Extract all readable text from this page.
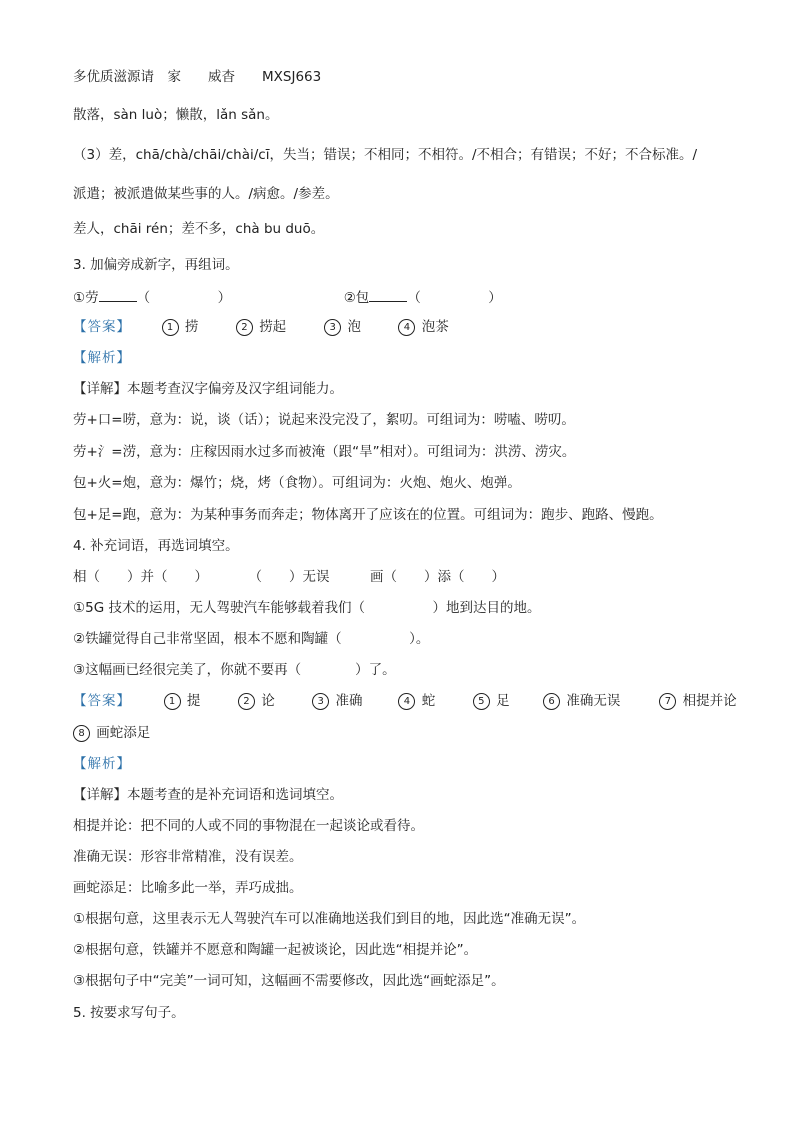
多优质滋源请　家　　威杳　　MXSJ663
散落，sàn luò；懒散，lǎn sǎn。
（3）差，chā/chà/chāi/chài/cī，失当；错误；不相同；不相符。/不相合；有错误；不好；不合标准。/
派遣；被派遣做某些事的人。/病愈。/参差。
差人，chāi rén；差不多，chà bu duō。
3. 加偏旁成新字，再组词。
①劳	（　　　　　）	②包	（　　　　　）
【答案】	1 捞	2 捞起	3 泡	4 泡茶
【解析】
【详解】本题考查汉字偏旁及汉字组词能力。
劳+口=唠，意为：说，谈（话）；说起来没完没了，絮叨。可组词为：唠嗑、唠叨。
劳+氵=涝，意为：庄稼因雨水过多而被淹（跟“旱”相对）。可组词为：洪涝、涝灾。
包+火=炮，意为：爆竹；烧，烤（食物）。可组词为：火炮、炮火、炮弹。
包+足=跑，意为：为某种事务而奔走；物体离开了应该在的位置。可组词为：跑步、跑路、慢跑。
4. 补充词语，再选词填空。
相（　　）并（　　）　　　　（　　）无误　　　画（　　）添（　　）
①5G 技术的运用，无人驾驶汽车能够载着我们（　　　　　）地到达目的地。
②铁罐觉得自己非常坚固，根本不愿和陶罐（　　　　　）。
③这幅画已经很完美了，你就不要再（　　　　）了。
【答案】	1 提	2 论	3 准确	4 蛇	5 足	6 准确无误	7 相提并论
8 画蛇添足
【解析】
【详解】本题考查的是补充词语和选词填空。
相提并论：把不同的人或不同的事物混在一起谈论或看待。
准确无误：形容非常精准，没有误差。
画蛇添足：比喻多此一举，弄巧成拙。
①根据句意，这里表示无人驾驶汽车可以准确地送我们到目的地，因此选“准确无误”。
②根据句意，铁罐并不愿意和陶罐一起被谈论，因此选“相提并论”。
③根据句子中“完美”一词可知，这幅画不需要修改，因此选“画蛇添足”。
5. 按要求写句子。
